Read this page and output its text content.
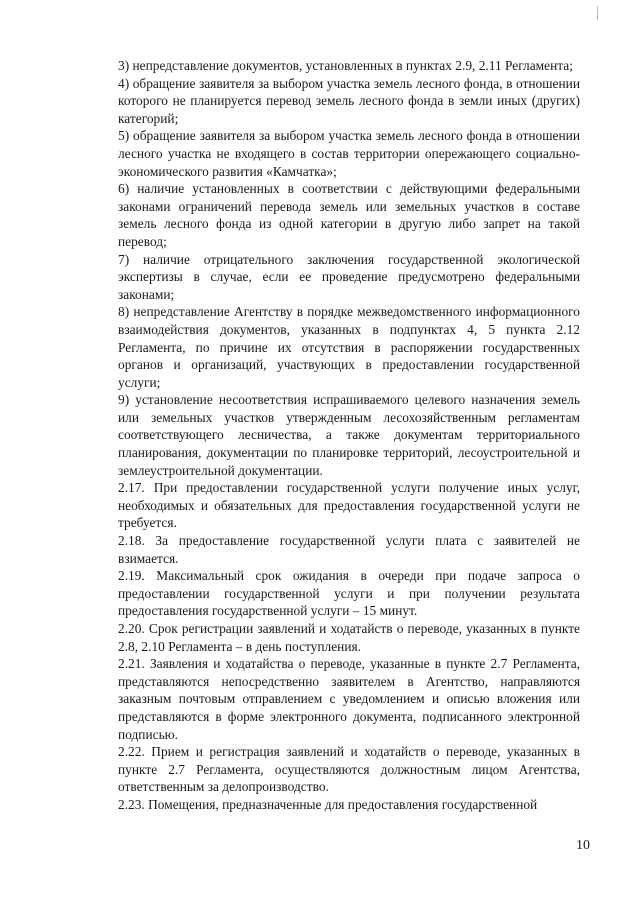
3) непредставление документов, установленных в пунктах 2.9, 2.11 Регламента;

4) обращение заявителя за выбором участка земель лесного фонда, в отношении которого не планируется перевод земель лесного фонда в земли иных (других) категорий;

5) обращение заявителя за выбором участка земель лесного фонда в отношении лесного участка не входящего в состав территории опережающего социально-экономического развития «Камчатка»;

6) наличие установленных в соответствии с действующими федеральными законами ограничений перевода земель или земельных участков в составе земель лесного фонда из одной категории в другую либо запрет на такой перевод;

7) наличие отрицательного заключения государственной экологической экспертизы в случае, если ее проведение предусмотрено федеральными законами;

8) непредставление Агентству в порядке межведомственного информационного взаимодействия документов, указанных в подпунктах 4, 5 пункта 2.12 Регламента, по причине их отсутствия в распоряжении государственных органов и организаций, участвующих в предоставлении государственной услуги;

9) установление несоответствия испрашиваемого целевого назначения земель или земельных участков утвержденным лесохозяйственным регламентам соответствующего лесничества, а также документам территориального планирования, документации по планировке территорий, лесоустроительной и землеустроительной документации.

2.17. При предоставлении государственной услуги получение иных услуг, необходимых и обязательных для предоставления государственной услуги не требуется.

2.18. За предоставление государственной услуги плата с заявителей не взимается.

2.19. Максимальный срок ожидания в очереди при подаче запроса о предоставлении государственной услуги и при получении результата предоставления государственной услуги – 15 минут.

2.20. Срок регистрации заявлений и ходатайств о переводе, указанных в пункте 2.8, 2.10 Регламента – в день поступления.

2.21. Заявления и ходатайства о переводе, указанные в пункте 2.7 Регламента, представляются непосредственно заявителем в Агентство, направляются заказным почтовым отправлением с уведомлением и описью вложения или представляются в форме электронного документа, подписанного электронной подписью.

2.22. Прием и регистрация заявлений и ходатайств о переводе, указанных в пункте 2.7 Регламента, осуществляются должностным лицом Агентства, ответственным за делопроизводство.

2.23. Помещения, предназначенные для предоставления государственной

10
